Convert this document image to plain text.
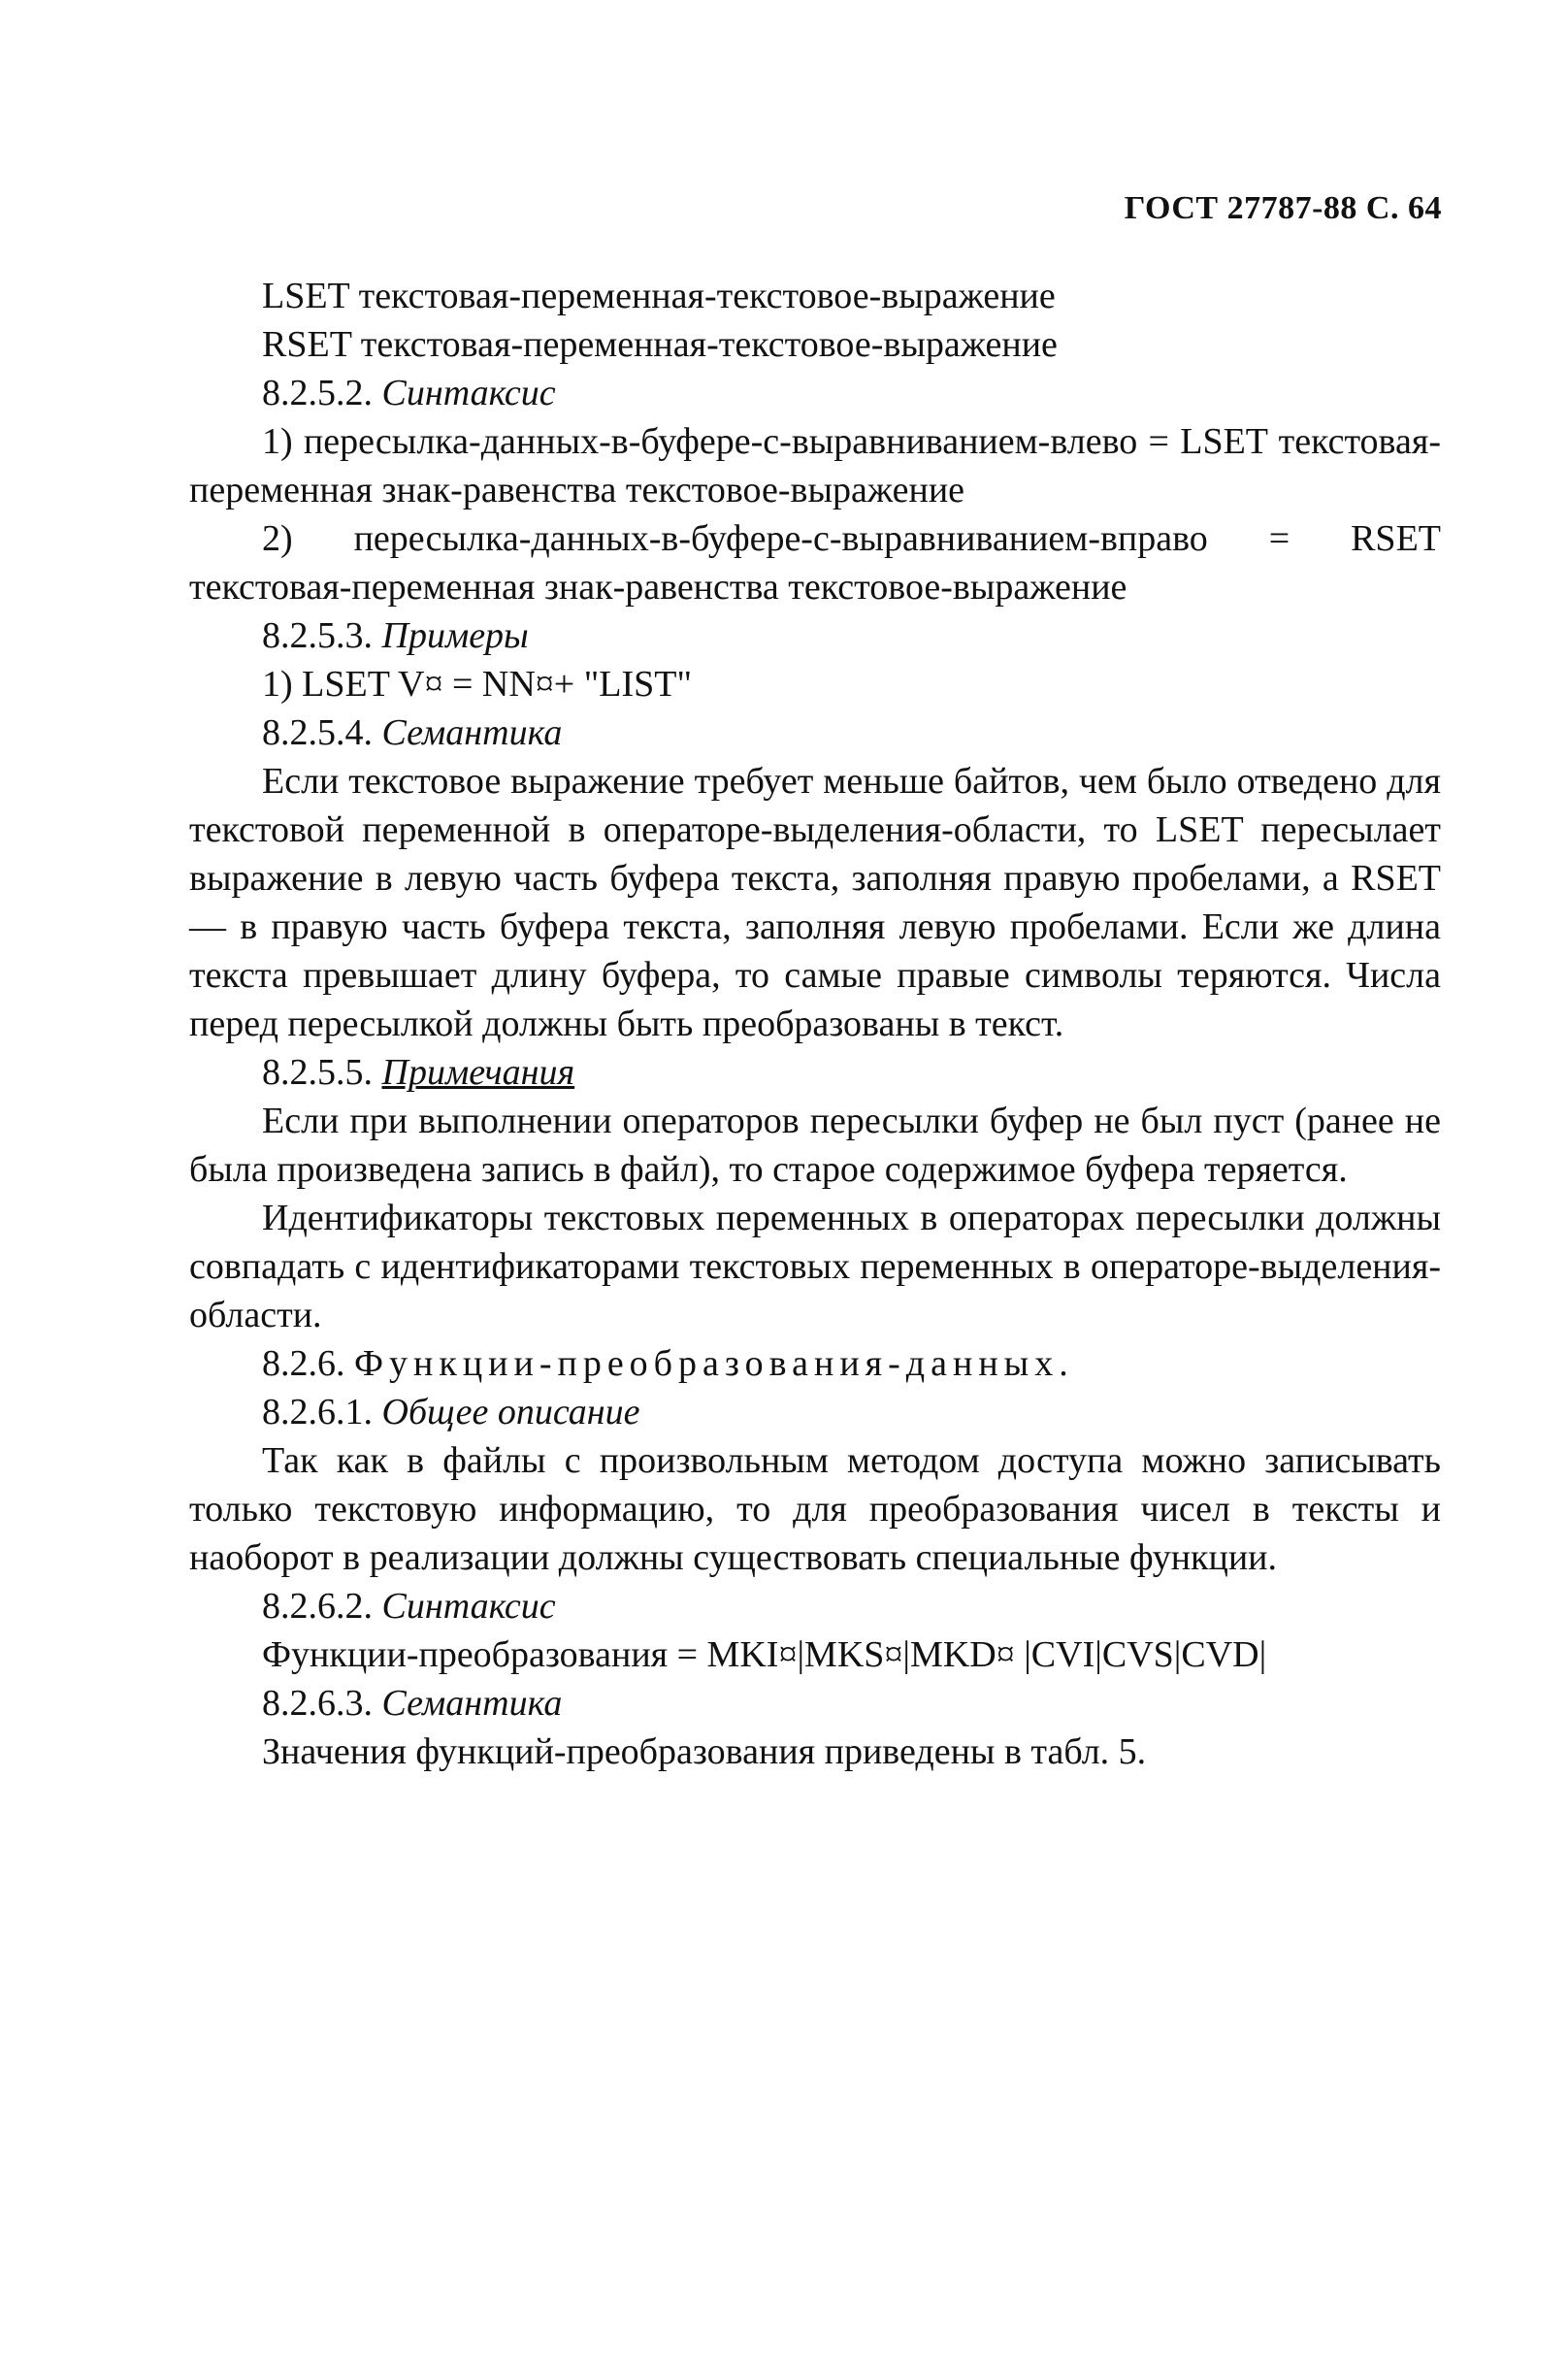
ГОСТ 27787-88 С. 64
LSET текстовая-переменная-текстовое-выражение
RSET текстовая-переменная-текстовое-выражение
8.2.5.2. Синтаксис
1) пересылка-данных-в-буфере-с-выравниванием-влево = LSET текстовая-переменная знак-равенства текстовое-выражение
2) пересылка-данных-в-буфере-с-выравниванием-вправо = RSET текстовая-переменная знак-равенства текстовое-выражение
8.2.5.3. Примеры
1) LSET V¤ = NN¤+ "LIST"
8.2.5.4. Семантика
Если текстовое выражение требует меньше байтов, чем было отведено для текстовой переменной в операторе-выделения-области, то LSET пересылает выражение в левую часть буфера текста, заполняя правую пробелами, а RSET — в правую часть буфера текста, заполняя левую пробелами. Если же длина текста превышает длину буфера, то самые правые символы теряются. Числа перед пересылкой должны быть преобразованы в текст.
8.2.5.5. Примечания
Если при выполнении операторов пересылки буфер не был пуст (ранее не была произведена запись в файл), то старое содержимое буфера теряется.
Идентификаторы текстовых переменных в операторах пересылки должны совпадать с идентификаторами текстовых переменных в операторе-выделения-области.
8.2.6. Функции-преобразования-данных.
8.2.6.1. Общее описание
Так как в файлы с произвольным методом доступа можно записывать только текстовую информацию, то для преобразования чисел в тексты и наоборот в реализации должны существовать специальные функции.
8.2.6.2. Синтаксис
Функции-преобразования = MKI¤|MKS¤|MKD¤ |CVI|CVS|CVD|
8.2.6.3. Семантика
Значения функций-преобразования приведены в табл. 5.
